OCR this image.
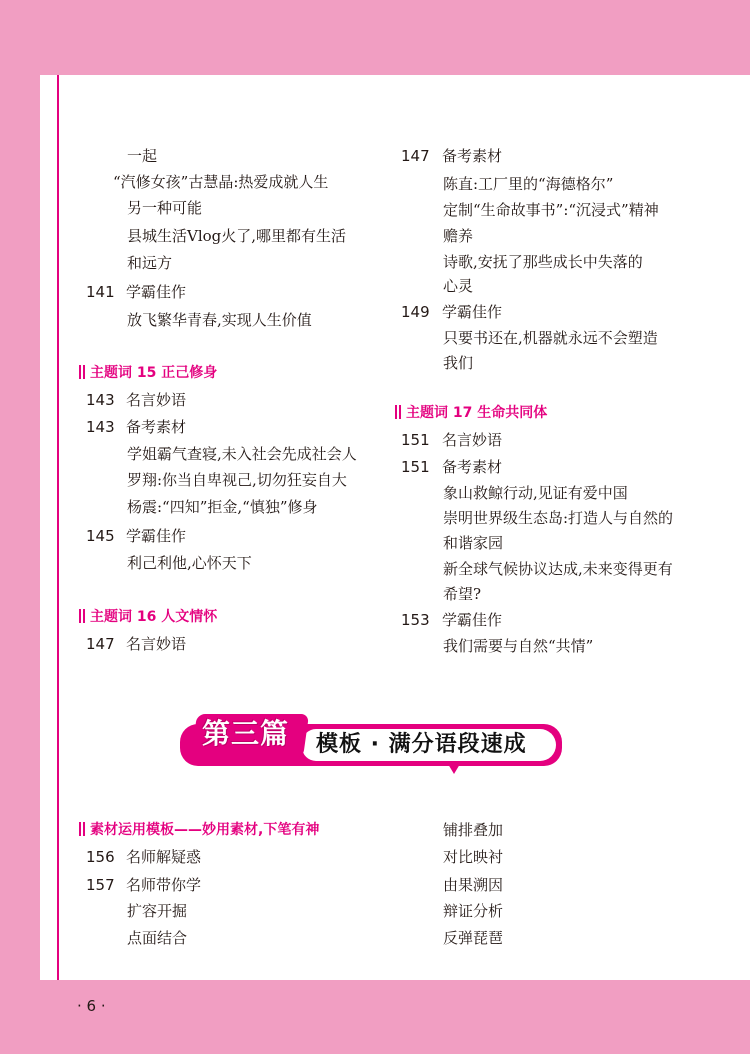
一起
“汽修女孩”古慧晶:热爱成就人生
另一种可能
县城生活Vlog火了,哪里都有生活
和远方
141 学霸佳作
放飞繁华青春,实现人生价值
主题词 15 正己修身
143 名言妙语
143 备考素材
学姐霸气查寝,未入社会先成社会人
罗翔:你当自卑视己,切勿狂妄自大
杨震:“四知”拒金,“慎独”修身
145 学霸佳作
利己利他,心怀天下
主题词 16 人文情怀
147 名言妙语
147 备考素材
陈直:工厂里的“海德格尔”
定制“生命故事书”:“沉浸式”精神
赡养
诗歌,安抚了那些成长中失落的
心灵
149 学霸佳作
只要书还在,机器就永远不会塑造
我们
主题词 17 生命共同体
151 名言妙语
151 备考素材
象山救鲸行动,见证有爱中国
崇明世界级生态岛:打造人与自然的
和谐家园
新全球气候协议达成,未来变得更有
希望?
153 学霸佳作
我们需要与自然“共情”
第三篇 模板 · 满分语段速成
素材运用模板——妙用素材,下笔有神
156 名师解疑惑
157 名师带你学
扩容开掘
点面结合
铺排叠加
对比映衬
由果溯因
辩证分析
反弹琵琶
· 6 ·
